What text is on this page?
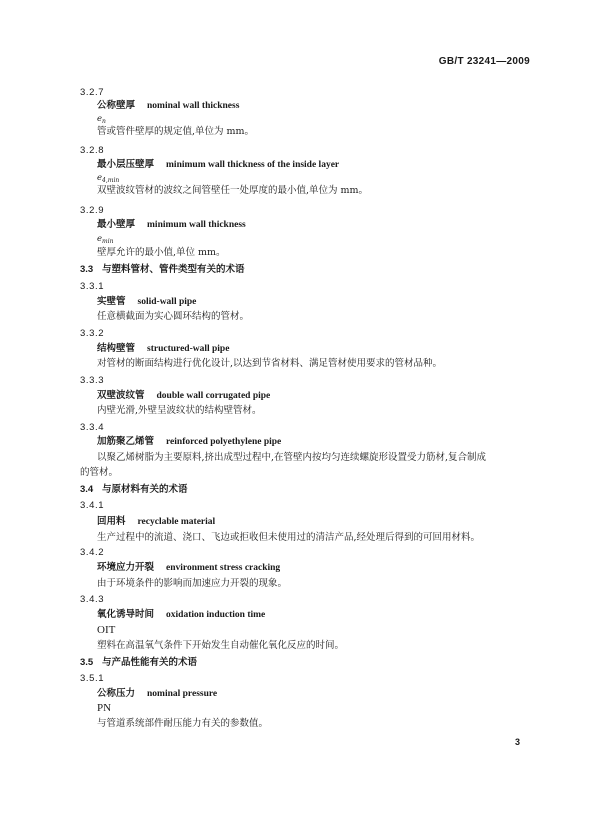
GB/T 23241—2009
3.2.7
公称壁厚 nominal wall thickness
$e_n$
管或管件壁厚的规定值,单位为 mm。
3.2.8
最小层压壁厚 minimum wall thickness of the inside layer
$e_{4,min}$
双壁波纹管材的波纹之间管壁任一处厚度的最小值,单位为 mm。
3.2.9
最小壁厚 minimum wall thickness
$e_{min}$
壁厚允许的最小值,单位 mm。
3.3 与塑料管材、管件类型有关的术语
3.3.1
实壁管 solid-wall pipe
任意横截面为实心圆环结构的管材。
3.3.2
结构壁管 structured-wall pipe
对管材的断面结构进行优化设计,以达到节省材料、满足管材使用要求的管材品种。
3.3.3
双壁波纹管 double wall corrugated pipe
内壁光滑,外壁呈波纹状的结构壁管材。
3.3.4
加筋聚乙烯管 reinforced polyethylene pipe
以聚乙烯树脂为主要原料,挤出成型过程中,在管壁内按均匀连续螺旋形设置受力筋材,复合制成
的管材。
3.4 与原材料有关的术语
3.4.1
回用料 recyclable material
生产过程中的流道、浇口、飞边或拒收但未使用过的清洁产品,经处理后得到的可回用材料。
3.4.2
环境应力开裂 environment stress cracking
由于环境条件的影响而加速应力开裂的现象。
3.4.3
氧化诱导时间 oxidation induction time
OIT
塑料在高温氧气条件下开始发生自动催化氧化反应的时间。
3.5 与产品性能有关的术语
3.5.1
公称压力 nominal pressure
PN
与管道系统部件耐压能力有关的参数值。
3
